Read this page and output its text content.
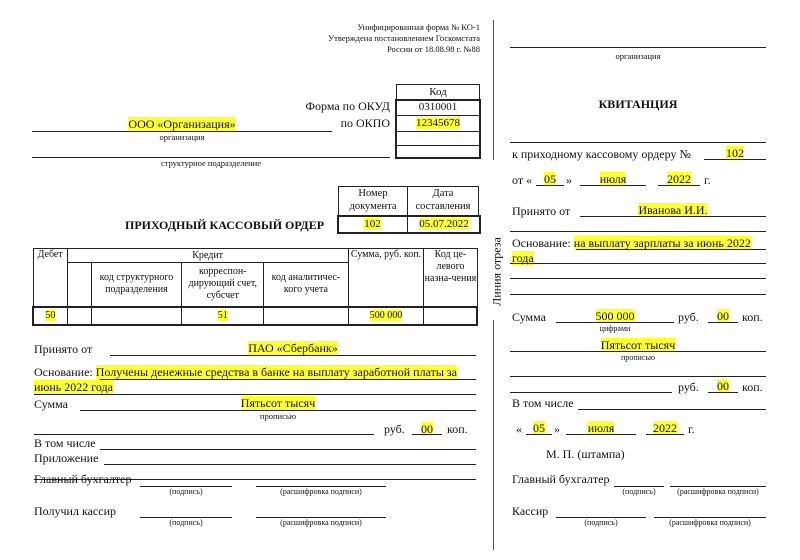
Унифицированная форма № КО-1
Утверждена постановлением Госкомстата
России от 18.08.98 г. №88
Код
Форма по ОКУД	0310001
по ОКПО	12345678
ООО «Организация»
организация
структурное подразделение
Номер документа
Дата составления
ПРИХОДНЫЙ КАССОВЫЙ ОРДЕР	102	05.07.2022
Дебет	Кредит				Сумма, руб. коп.	Код це-левого назна-чения
		код структурного подразделения	корреспон-дирующий счет, субсчет	код аналитичес-кого учета		
50			51		500 000	
Принято от	ПАО «Сбербанк»
Основание: Получены денежные средства в банке на выплату заработной платы за
июнь 2022 года
Сумма	Пятьсот тысяч
прописью
руб.	00	коп.
В том числе
Приложение
Главный бухгалтер
(подпись)	(расшифровка подписи)
Получил кассир
(подпись)	(расшифровка подписи)
Линия отреза
организация
КВИТАНЦИЯ
к приходному кассовому ордеру №	102
от « 05 »	июля	2022	г.
Принято от	Иванова И.И.
Основание: на выплату зарплаты за июнь 2022
года
Сумма	500 000	руб.	00	коп.
цифрами
Пятьсот тысяч
прописью
руб.	00	коп.
В том числе
« 05 »	июля	2022 г.
М. П. (штампа)
Главный бухгалтер
(подпись)	(расшифровка подписи)
Кассир
(подпись)	(расшифровка подписи)
